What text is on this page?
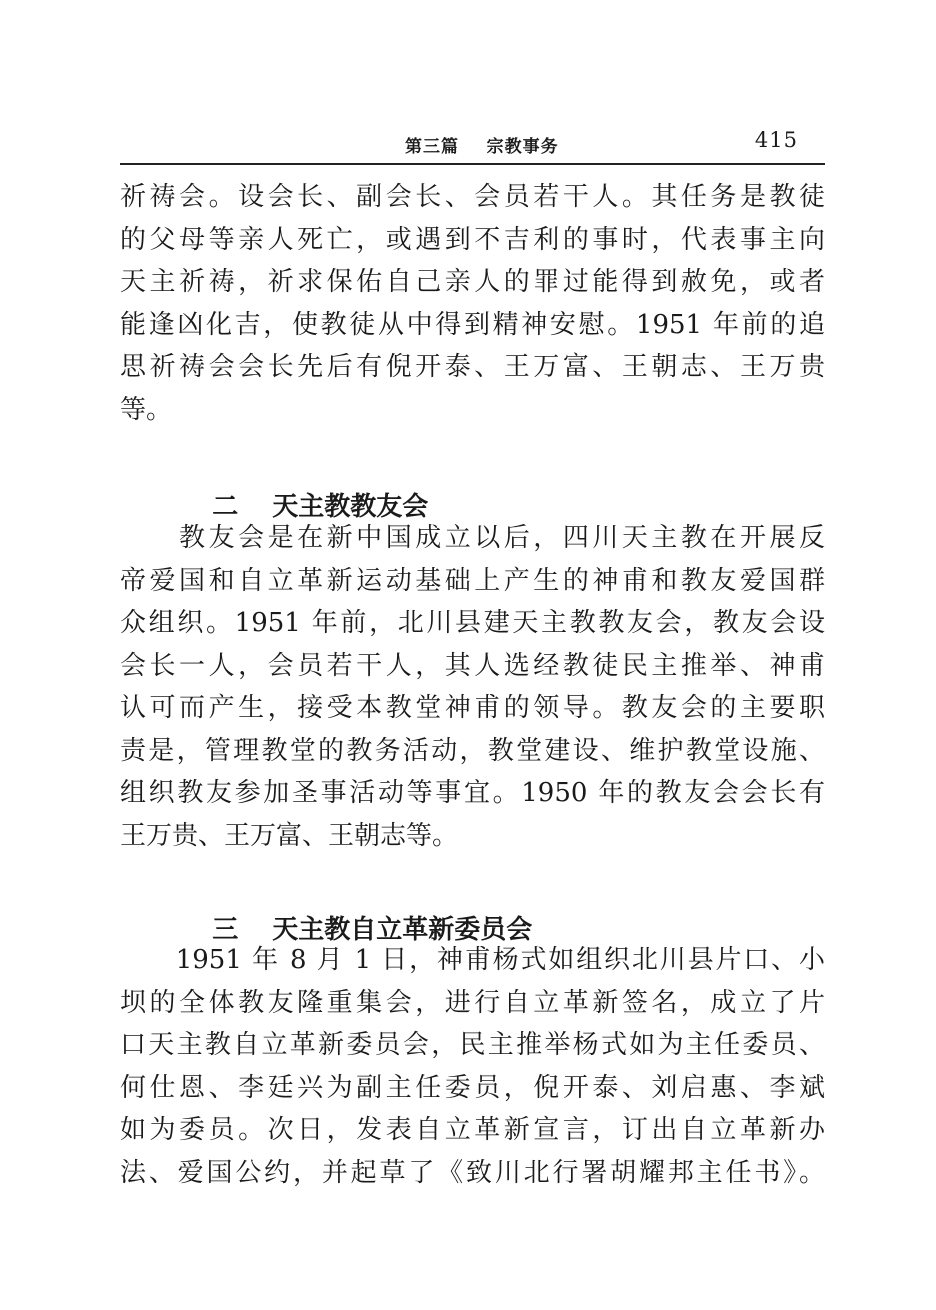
第三篇    宗教事务	415
祈祷会。设会长、副会长、会员若干人。其任务是教徒
的父母等亲人死亡，或遇到不吉利的事时，代表事主向
天主祈祷，祈求保佑自己亲人的罪过能得到赦免，或者
能逢凶化吉，使教徒从中得到精神安慰。1951 年前的追
思祈祷会会长先后有倪开泰、王万富、王朝志、王万贵
等。

二 天主教教友会

　　教友会是在新中国成立以后，四川天主教在开展反
帝爱国和自立革新运动基础上产生的神甫和教友爱国群
众组织。1951 年前，北川县建天主教教友会，教友会设
会长一人，会员若干人，其人选经教徒民主推举、神甫
认可而产生，接受本教堂神甫的领导。教友会的主要职
责是，管理教堂的教务活动，教堂建设、维护教堂设施、
组织教友参加圣事活动等事宜。1950 年的教友会会长有
王万贵、王万富、王朝志等。

三 天主教自立革新委员会

　　1951 年 8 月 1 日，神甫杨式如组织北川县片口、小
坝的全体教友隆重集会，进行自立革新签名，成立了片
口天主教自立革新委员会，民主推举杨式如为主任委员、
何仕恩、李廷兴为副主任委员，倪开泰、刘启惠、李斌
如为委员。次日，发表自立革新宣言，订出自立革新办
法、爱国公约，并起草了《致川北行署胡耀邦主任书》。
